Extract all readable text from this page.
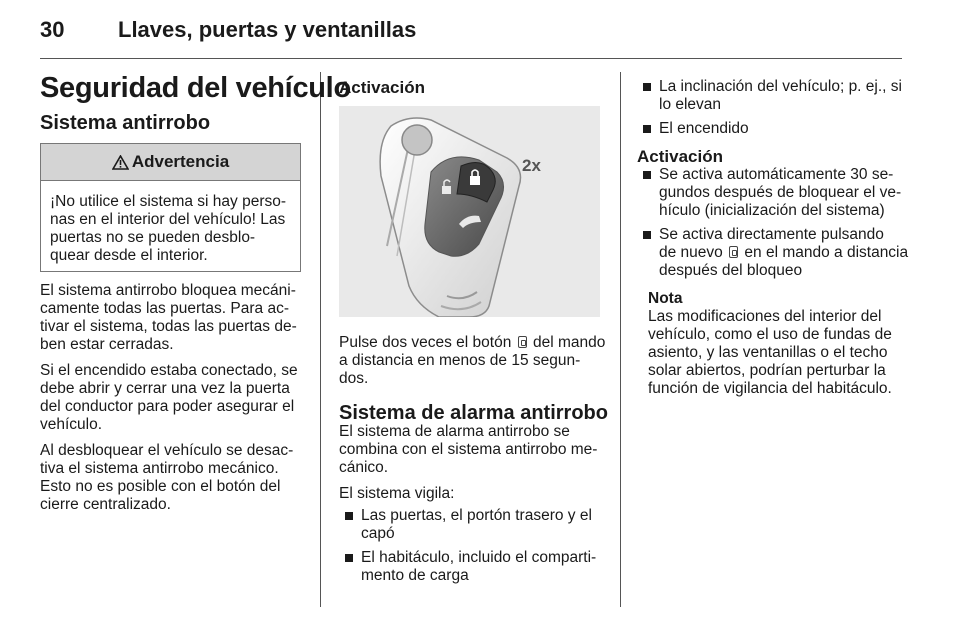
30 Llaves, puertas y ventanillas
Seguridad del vehículo
Sistema antirrobo
Advertencia
¡No utilice el sistema si hay perso-
nas en el interior del vehículo! Las
puertas no se pueden desblo-
quear desde el interior.

El sistema antirrobo bloquea mecáni-
camente todas las puertas. Para ac-
tivar el sistema, todas las puertas de-
ben estar cerradas.

Si el encendido estaba conectado, se
debe abrir y cerrar una vez la puerta
del conductor para poder asegurar el
vehículo.

Al desbloquear el vehículo se desac-
tiva el sistema antirrobo mecánico.
Esto no es posible con el botón del
cierre centralizado.

Activación
2x

Pulse dos veces el botón del mando
a distancia en menos de 15 segun-
dos.

Sistema de alarma antirrobo

El sistema de alarma antirrobo se
combina con el sistema antirrobo me-
cánico.

El sistema vigila:

Las puertas, el portón trasero y el
capó
El habitáculo, incluido el comparti-
mento de carga
La inclinación del vehículo; p. ej., si
lo elevan
El encendido
Activación
Se activa automáticamente 30 se-
gundos después de bloquear el ve-
hículo (inicialización del sistema)
Se activa directamente pulsando
de nuevo en el mando a distancia
después del bloqueo
Nota
Las modificaciones del interior del
vehículo, como el uso de fundas de
asiento, y las ventanillas o el techo
solar abiertos, podrían perturbar la
función de vigilancia del habitáculo.
